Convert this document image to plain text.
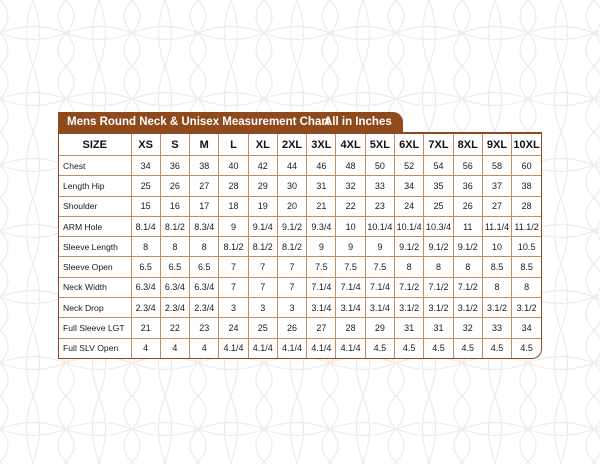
Mens Round Neck & Unisex Measurement Chart
All in Inches
SIZE	XS	S	M	L	XL	2XL	3XL	4XL	5XL	6XL	7XL	8XL	9XL	10XL
Chest	34	36	38	40	42	44	46	48	50	52	54	56	58	60
Length Hip	25	26	27	28	29	30	31	32	33	34	35	36	37	38
Shoulder	15	16	17	18	19	20	21	22	23	24	25	26	27	28
ARM Hole	8.1/4	8.1/2	8.3/4	9	9.1/4	9.1/2	9.3/4	10	10.1/4	10.1/4	10.3/4	11	11.1/4	11.1/2
Sleeve Length	8	8	8	8.1/2	8.1/2	8.1/2	9	9	9	9.1/2	9.1/2	9.1/2	10	10.5
Sleeve Open	6.5	6.5	6.5	7	7	7	7.5	7.5	7.5	8	8	8	8.5	8.5
Neck Width	6.3/4	6.3/4	6.3/4	7	7	7	7.1/4	7.1/4	7.1/4	7.1/2	7.1/2	7.1/2	8	8
Neck Drop	2.3/4	2.3/4	2.3/4	3	3	3	3.1/4	3.1/4	3.1/4	3.1/2	3.1/2	3.1/2	3.1/2	3.1/2
Full Sleeve LGT	21	22	23	24	25	26	27	28	29	31	31	32	33	34
Full SLV Open	4	4	4	4.1/4	4.1/4	4.1/4	4.1/4	4.1/4	4.5	4.5	4.5	4.5	4.5	4.5
